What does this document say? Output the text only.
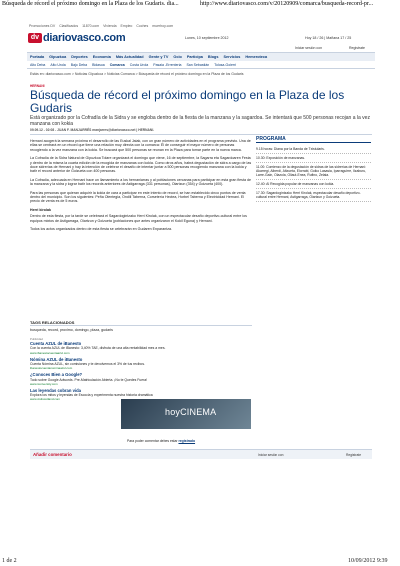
Búsqueda de récord el próximo domingo en la Plaza de los Gudaris. dia...	http://www.diariovasco.com/v/20120909/comarca/busqueda-record-pr...
Promociones DV Clasificados 11870.com Vivienda Empleo Coches muerhoy.com
dv diariovasco.com	Lunes, 10 septiembre 2012	Hoy 18 / 26 | Mañana 17 / 25
Iniciar sesión con	Registrate
Portada Gipuzkoa Deportes Economía Más Actualidad Gente y TV Ocio Participa Blogs Servicios Hemeroteca
Alto Deba Alto Urola Bajo Deba Bidasoa Comarca Costa Urola Pasaia -Errenteria San Sebastián Tolosa-Goierri
Estás en: diariovasco.com > Noticias Gipuzkoa > Noticias Comarca > Búsqueda de récord el próximo domingo en la Plaza de los Gudaris
HERNANI
Búsqueda de récord el próximo domingo en la Plaza de los Gudaris
Está organizado por la Cofradía de la Sidra y se engloba dentro de la fiesta de la manzana y la sagardoa. Se intentará que 500 personas recojan a la vez manzana con kokia
09.09.12 - 02:08 - JUAN F. MANJARRÉS manjarres@diariovasco.net | HERNANI.

Hernani acogerá la semana próxima el desarrollo de las Euskal Jaiak, con un gran número de actividades en el programa previsto. Una de ellas se centrará en un récord que tiene una relación muy directa con la comarca: Él de conseguir el mayor número de personas recogiendo a la vez manzana con la kokia. Se buscará que 500 personas se reunan en la Plaza para tomar parte en la nueva marca.

La Cofradía de la Sidra Natural de Gipuzkoa Tolare organizará el domingo que viene, 16 de septiembre, la Sagarra eta Sagardoaren Festa y dentro de la misma la cuarta edición de la recogida de manzanas con kokia. Como otros años, habrá degustación de sidra a cargo de las doce sidrerías de Hernani y hay la intención de celebrar el desafío de intentar juntar a 500 personas recogiendo manzana con la kokia y batir el record anterior de Goizueta con 400 personas.

La Cofradía, adecuada en Hernani hace un llamamiento a los hernaniarras y al poblaciones cercanas para participar en esta gran fiesta de la manzana y la sidra y lograr batir los records anteriores de Astigarraga (331 personas), Oiartzun (354) y Goizueta (400).

Para las personas que quieran adquirir la kokia de cara a participar en este intento de record, se han establecido cinco puntos de venta dentro del municipio. Son los siguientes: Peña Olentegia, Ondili Taberna, Corsetería Hectea, Horbel Taberna y Electricidad Hernani. El precio de venta es de 5 euros.

Herri kirolak

Dentro de esta fiesta, por la tarde se celebrará el Sagardogintzako Herri Kirolak, con un espectacular desafío deportivo-cultural entre los equipos mixtos de Astigarraga, Oiartzun y Goizueta (poblaciones que antes organizaron el Kokil Eguna) y Hernani.

Todos los actos organizados dentro de esta fiesta se celebrarán en Gudaren Enparantza.

PROGRAMA
9.15 horas: Diana por la Banda de Txistularis.
10.30: Exposición de manzanas.
11.00: Comienzo de la degustación de sidras de las sidrerías de Hernani: Akarregi, Alberdi, Altzueta, Elorrabi, Goiko Lasasia, Iparraguirre, Ilzaburu, Larre-Gain, Olazola, Oliaut-Enea, Rufino, Zelaia.
12.40: Al Recogida popular de manzanas con kokia.
17.30: Sagardogintzako Herri Kirolak, espectacular desafío deportivo-cultural entre Hernani, Astigarraga, Oiartzun y Goizueta.
TAGS RELACIONADOS
busqueda, record, proximo, domingo, plaza, gudaris
Publicidad
Cuenta AZUL de iBanesto
Con la cuenta AZUL de iBanesto: 3,40% TAE, disfruta de una alta rentabilidad mes a mes.
www.ibanestocuentaazul.com
Nómina AZUL de iBanesto
Cuenta Nómina AZUL, sin comisiones y te devolvemos el 3% de tus recibos.
ibanestocuentanominaazul.com
¿Conoces Bien a Google?
Todo sobre Google Adwords. Pre-Matriculación Abierta. ¡No te Quedes Fuera!
www.iconversity.com
Las leyendas cobran vida
Explora los mitos y leyendas de Escocia y experimenta nuestra historia dramática
www.visitscotland.com
hoyCINEMA
Para poder comentar debes estar registrado
Añadir comentario	Iniciar sesión con	Registrate
1 de 2	10/09/2012 9:39
